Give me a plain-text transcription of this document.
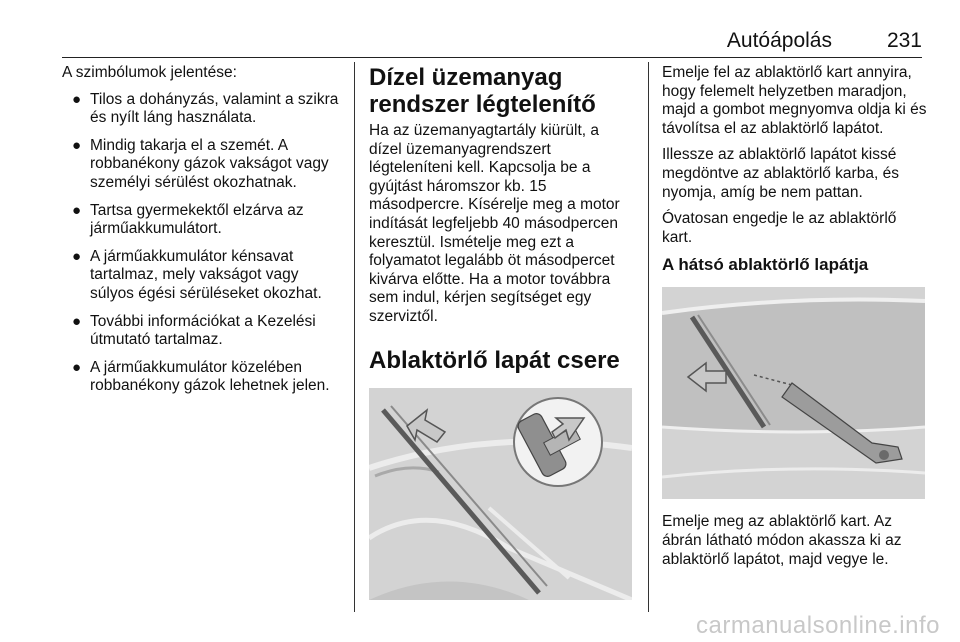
Autóápolás	231

A szimbólumok jelentése:

● Tilos a dohányzás, valamint a szikra és nyílt láng használata.
● Mindig takarja el a szemét. A robbanékony gázok vakságot vagy személyi sérülést okozhatnak.
● Tartsa gyermekektől elzárva az járműakkumulátort.
● A járműakkumulátor kénsavat tartalmaz, mely vakságot vagy súlyos égési sérüléseket okozhat.
● További információkat a Kezelési útmutató tartalmaz.
● A járműakkumulátor közelében robbanékony gázok lehetnek jelen.
Dízel üzemanyag rendszer légtelenítő

Ha az üzemanyagtartály kiürült, a dízel üzemanyagrendszert légteleníteni kell. Kapcsolja be a gyújtást háromszor kb. 15 másodpercre. Kísérelje meg a motor indítását legfeljebb 40 másodpercen keresztül. Ismételje meg ezt a folyamatot legalább öt másodpercet kivárva előtte. Ha a motor továbbra sem indul, kérjen segítséget egy szerviztől.

Ablaktörlő lapát csere

Emelje fel az ablaktörlő kart annyira, hogy felemelt helyzetben maradjon, majd a gombot megnyomva oldja ki és távolítsa el az ablaktörlő lapátot.

Illessze az ablaktörlő lapátot kissé megdöntve az ablaktörlő karba, és nyomja, amíg be nem pattan.

Óvatosan engedje le az ablaktörlő kart.

A hátsó ablaktörlő lapátja

Emelje meg az ablaktörlő kart. Az ábrán látható módon akassza ki az ablaktörlő lapátot, majd vegye le.

carmanualsonline.info
